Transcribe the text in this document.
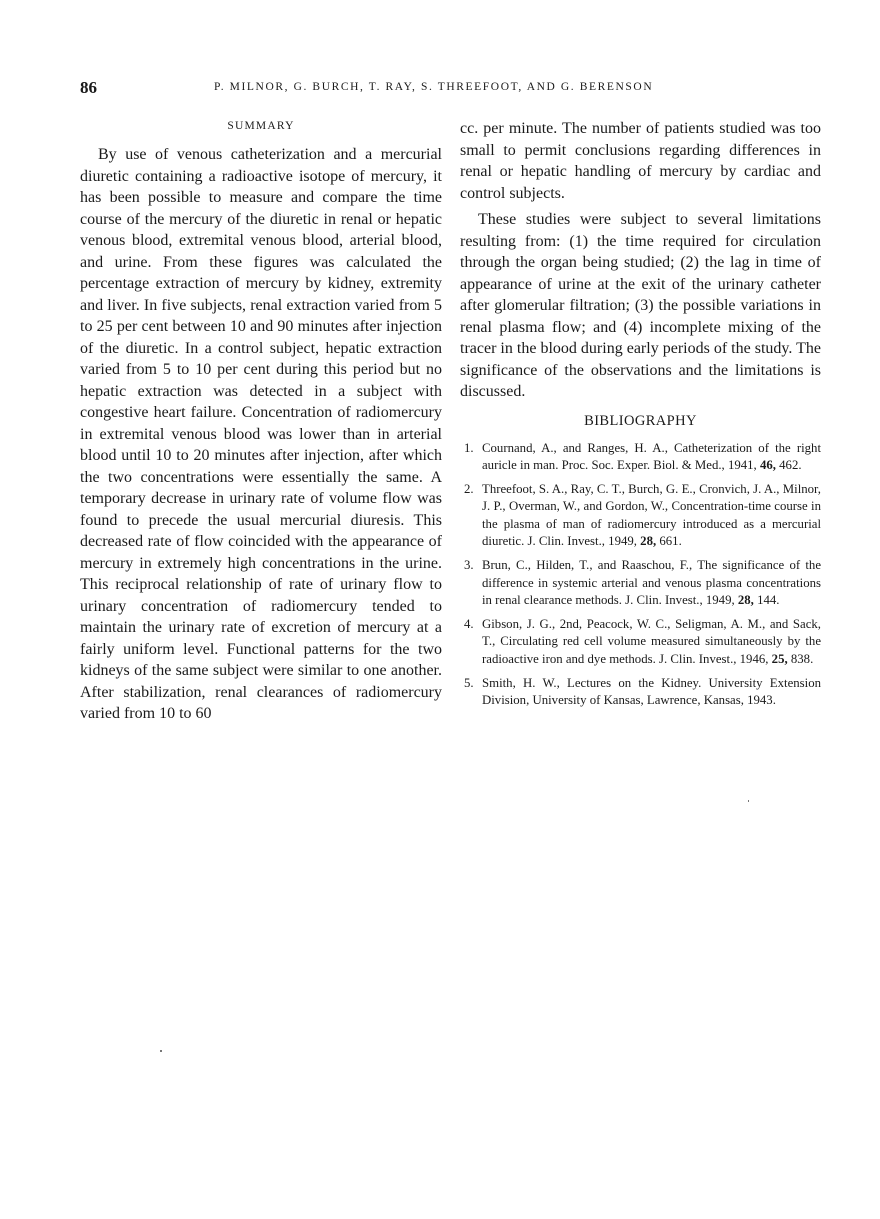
86	P. MILNOR, G. BURCH, T. RAY, S. THREEFOOT, AND G. BERENSON
SUMMARY

By use of venous catheterization and a mercurial diuretic containing a radioactive isotope of mercury, it has been possible to measure and compare the time course of the mercury of the diuretic in renal or hepatic venous blood, extremital venous blood, arterial blood, and urine. From these figures was calculated the percentage extraction of mercury by kidney, extremity and liver. In five subjects, renal extraction varied from 5 to 25 per cent between 10 and 90 minutes after injection of the diuretic. In a control subject, hepatic extraction varied from 5 to 10 per cent during this period but no hepatic extraction was detected in a subject with congestive heart failure. Concentration of radiomercury in extremital venous blood was lower than in arterial blood until 10 to 20 minutes after injection, after which the two concentrations were essentially the same. A temporary decrease in urinary rate of volume flow was found to precede the usual mercurial diuresis. This decreased rate of flow coincided with the appearance of mercury in extremely high concentrations in the urine. This reciprocal relationship of rate of urinary flow to urinary concentration of radiomercury tended to maintain the urinary rate of excretion of mercury at a fairly uniform level. Functional patterns for the two kidneys of the same subject were similar to one another. After stabilization, renal clearances of radiomercury varied from 10 to 60

cc. per minute. The number of patients studied was too small to permit conclusions regarding differences in renal or hepatic handling of mercury by cardiac and control subjects.

These studies were subject to several limitations resulting from: (1) the time required for circulation through the organ being studied; (2) the lag in time of appearance of urine at the exit of the urinary catheter after glomerular filtration; (3) the possible variations in renal plasma flow; and (4) incomplete mixing of the tracer in the blood during early periods of the study. The significance of the observations and the limitations is discussed.

BIBLIOGRAPHY
1. Cournand, A., and Ranges, H. A., Catheterization of the right auricle in man. Proc. Soc. Exper. Biol. & Med., 1941, 46, 462.
2. Threefoot, S. A., Ray, C. T., Burch, G. E., Cronvich, J. A., Milnor, J. P., Overman, W., and Gordon, W., Concentration-time course in the plasma of man of radiomercury introduced as a mercurial diuretic. J. Clin. Invest., 1949, 28, 661.
3. Brun, C., Hilden, T., and Raaschou, F., The significance of the difference in systemic arterial and venous plasma concentrations in renal clearance methods. J. Clin. Invest., 1949, 28, 144.
4. Gibson, J. G., 2nd, Peacock, W. C., Seligman, A. M., and Sack, T., Circulating red cell volume measured simultaneously by the radioactive iron and dye methods. J. Clin. Invest., 1946, 25, 838.
5. Smith, H. W., Lectures on the Kidney. University Extension Division, University of Kansas, Lawrence, Kansas, 1943.
